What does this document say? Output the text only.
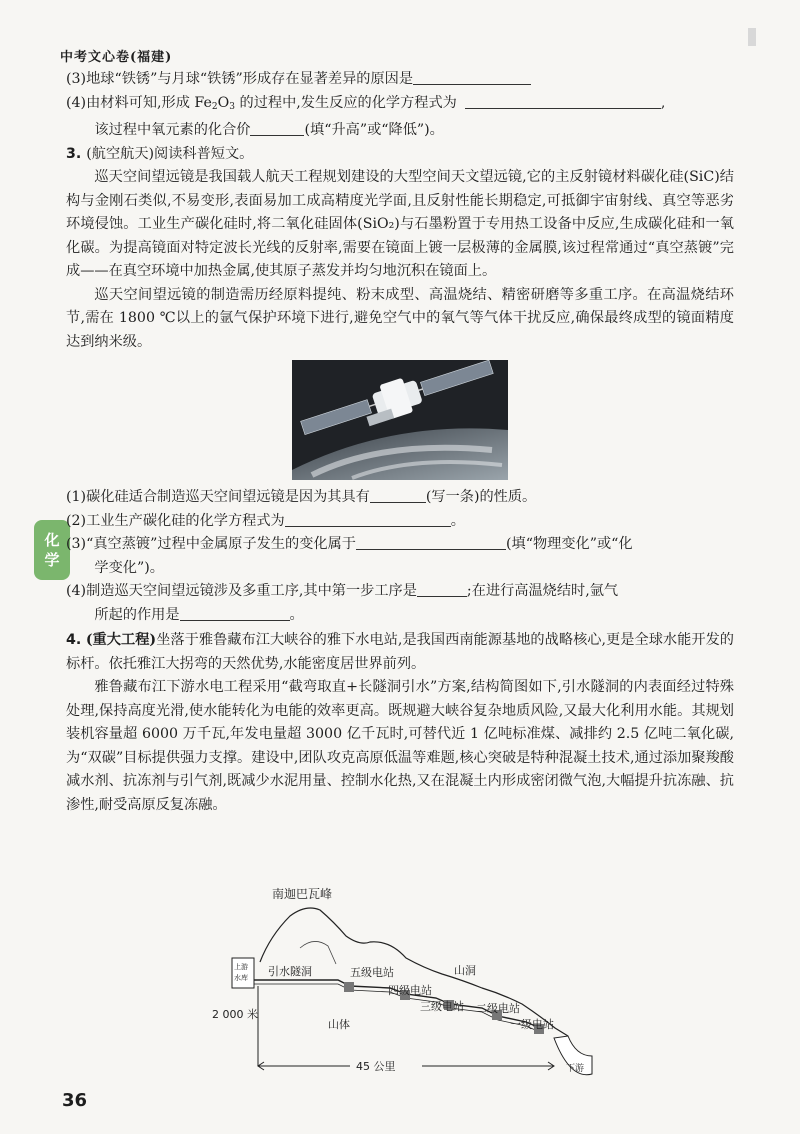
中考文心卷(福建)
化
学

(3)地球“铁锈”与月球“铁锈”形成存在显著差异的原因是

(4)由材料可知,形成 $Fe_2O_3$ 的过程中,发生反应的化学方程式为	,

该过程中氧元素的化合价	(填“升高”或“降低”)。

3. (航空航天)阅读科普短文。

巡天空间望远镜是我国载人航天工程规划建设的大型空间天文望远镜,它的主反射镜材料碳化硅(SiC)结构与金刚石类似,不易变形,表面易加工成高精度光学面,且反射性能长期稳定,可抵御宇宙射线、真空等恶劣环境侵蚀。工业生产碳化硅时,将二氧化硅固体(SiO₂)与石墨粉置于专用热工设备中反应,生成碳化硅和一氧化碳。为提高镜面对特定波长光线的反射率,需要在镜面上镀一层极薄的金属膜,该过程常通过“真空蒸镀”完成——在真空环境中加热金属,使其原子蒸发并均匀地沉积在镜面上。

巡天空间望远镜的制造需历经原料提纯、粉末成型、高温烧结、精密研磨等多重工序。在高温烧结环节,需在 1800 ℃以上的氩气保护环境下进行,避免空气中的氧气等气体干扰反应,确保最终成型的镜面精度达到纳米级。

(1)碳化硅适合制造巡天空间望远镜是因为其具有	(写一条)的性质。

(2)工业生产碳化硅的化学方程式为	。

(3)“真空蒸镀”过程中金属原子发生的变化属于	(填“物理变化”或“化

学变化”)。

(4)制造巡天空间望远镜涉及多重工序,其中第一步工序是	;在进行高温烧结时,氩气

所起的作用是	。

4. (重大工程)坐落于雅鲁藏布江大峡谷的雅下水电站,是我国西南能源基地的战略核心,更是全球水能开发的标杆。依托雅江大拐弯的天然优势,水能密度居世界前列。

雅鲁藏布江下游水电工程采用“截弯取直+长隧洞引水”方案,结构简图如下,引水隧洞的内表面经过特殊处理,保持高度光滑,使水能转化为电能的效率更高。既规避大峡谷复杂地质风险,又最大化利用水能。其规划装机容量超 6000 万千瓦,年发电量超 3000 亿千瓦时,可替代近 1 亿吨标准煤、减排约 2.5 亿吨二氧化碳,为“双碳”目标提供强力支撑。建设中,团队攻克高原低温等难题,核心突破是特种混凝土技术,通过添加聚羧酸减水剂、抗冻剂与引气剂,既减少水泥用量、控制水化热,又在混凝土内形成密闭微气泡,大幅提升抗冻融、抗渗性,耐受高原反复冻融。

南迦巴瓦峰
上游
水库 引水隧洞	五级电站	山洞
四级电站
三级电站 二级电站
一级电站
山体
2 000 米
45 公里	下游
36
